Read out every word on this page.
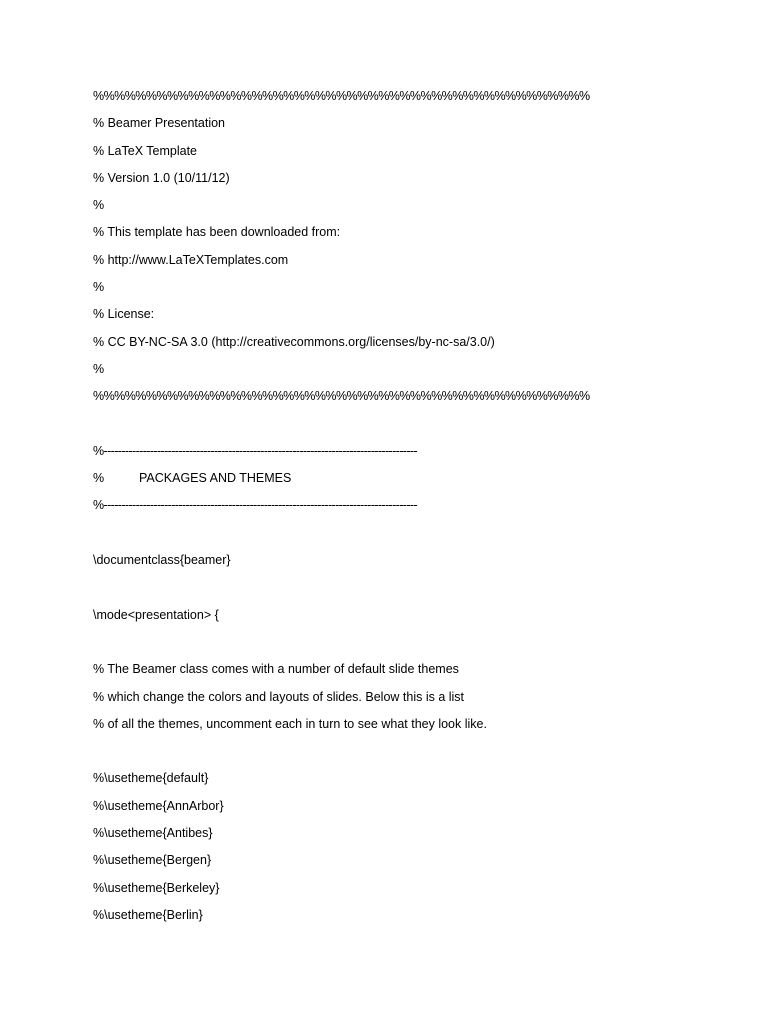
%%%%%%%%%%%%%%%%%%%%%%%%%%%%%%%%%%%%%%%%%%%%%%%
% Beamer Presentation
% LaTeX Template
% Version 1.0 (10/11/12)
%
% This template has been downloaded from:
% http://www.LaTeXTemplates.com
%
% License:
% CC BY-NC-SA 3.0 (http://creativecommons.org/licenses/by-nc-sa/3.0/)
%
%%%%%%%%%%%%%%%%%%%%%%%%%%%%%%%%%%%%%%%%%%%%%%%
%----------------------------------------------------------------------------------------
%	PACKAGES AND THEMES
%----------------------------------------------------------------------------------------
\documentclass{beamer}
\mode<presentation> {
% The Beamer class comes with a number of default slide themes
% which change the colors and layouts of slides. Below this is a list
% of all the themes, uncomment each in turn to see what they look like.
%\usetheme{default}
%\usetheme{AnnArbor}
%\usetheme{Antibes}
%\usetheme{Bergen}
%\usetheme{Berkeley}
%\usetheme{Berlin}
